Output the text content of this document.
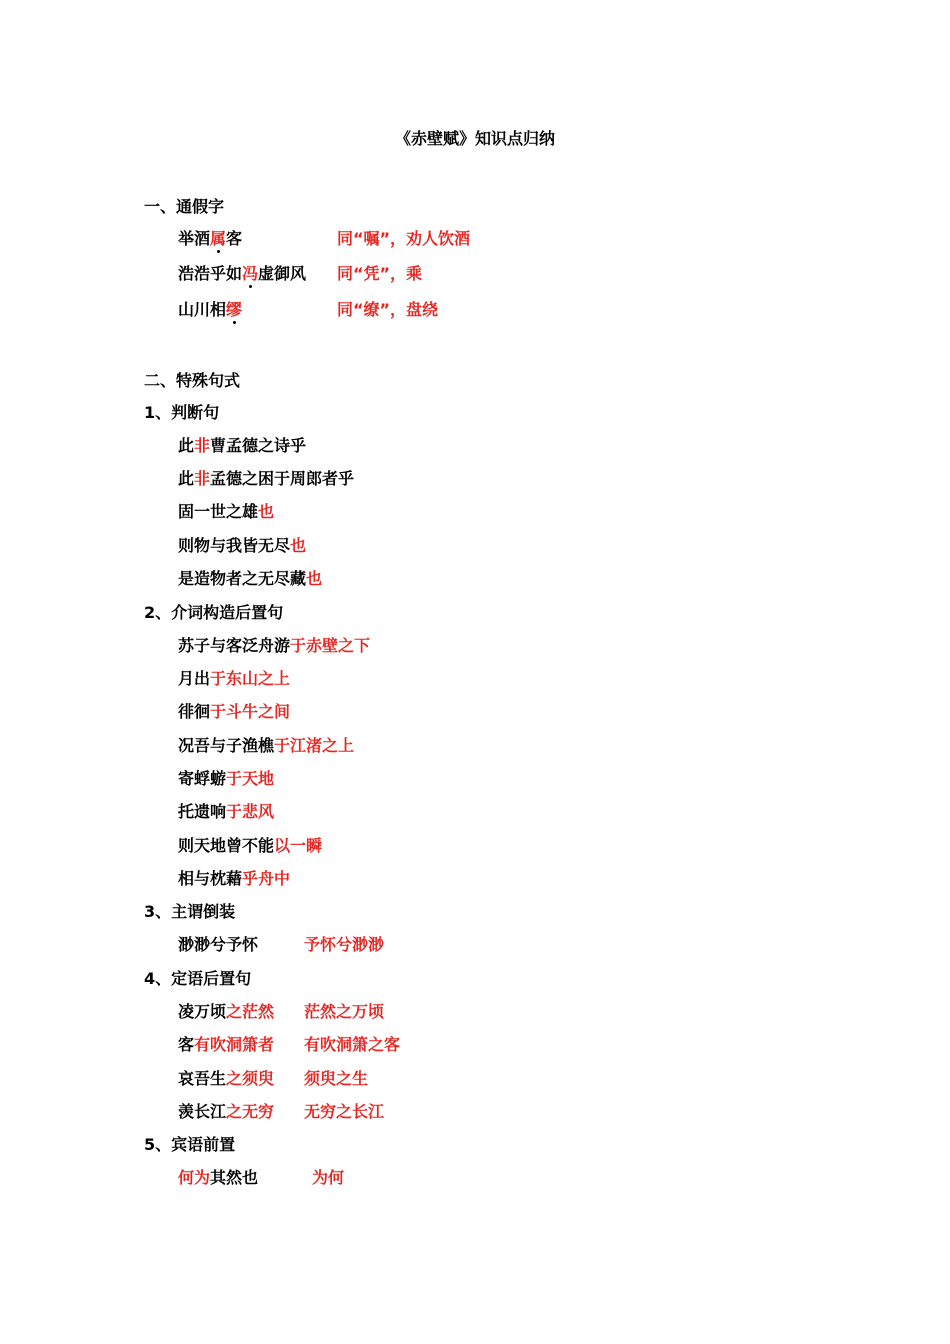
《赤壁赋》知识点归纳
一、通假字
举酒属客	同“嘱”，劝人饮酒
浩浩乎如冯虚御风 同“凭”，乘
山川相缪	同“缭”，盘绕
二、特殊句式
1、判断句
此非曹孟德之诗乎
此非孟德之困于周郎者乎
固一世之雄也
则物与我皆无尽也
是造物者之无尽藏也
2、介词构造后置句
苏子与客泛舟游于赤壁之下
月出于东山之上
徘徊于斗牛之间
况吾与子渔樵于江渚之上
寄蜉蝣于天地
托遗响于悲风
则天地曾不能以一瞬
相与枕藉乎舟中
3、主谓倒装
渺渺兮予怀	予怀兮渺渺
4、定语后置句
凌万顷之茫然 茫然之万顷
客有吹洞箫者 有吹洞箫之客
哀吾生之须臾 须臾之生
羡长江之无穷 无穷之长江
5、宾语前置
何为其然也	为何
